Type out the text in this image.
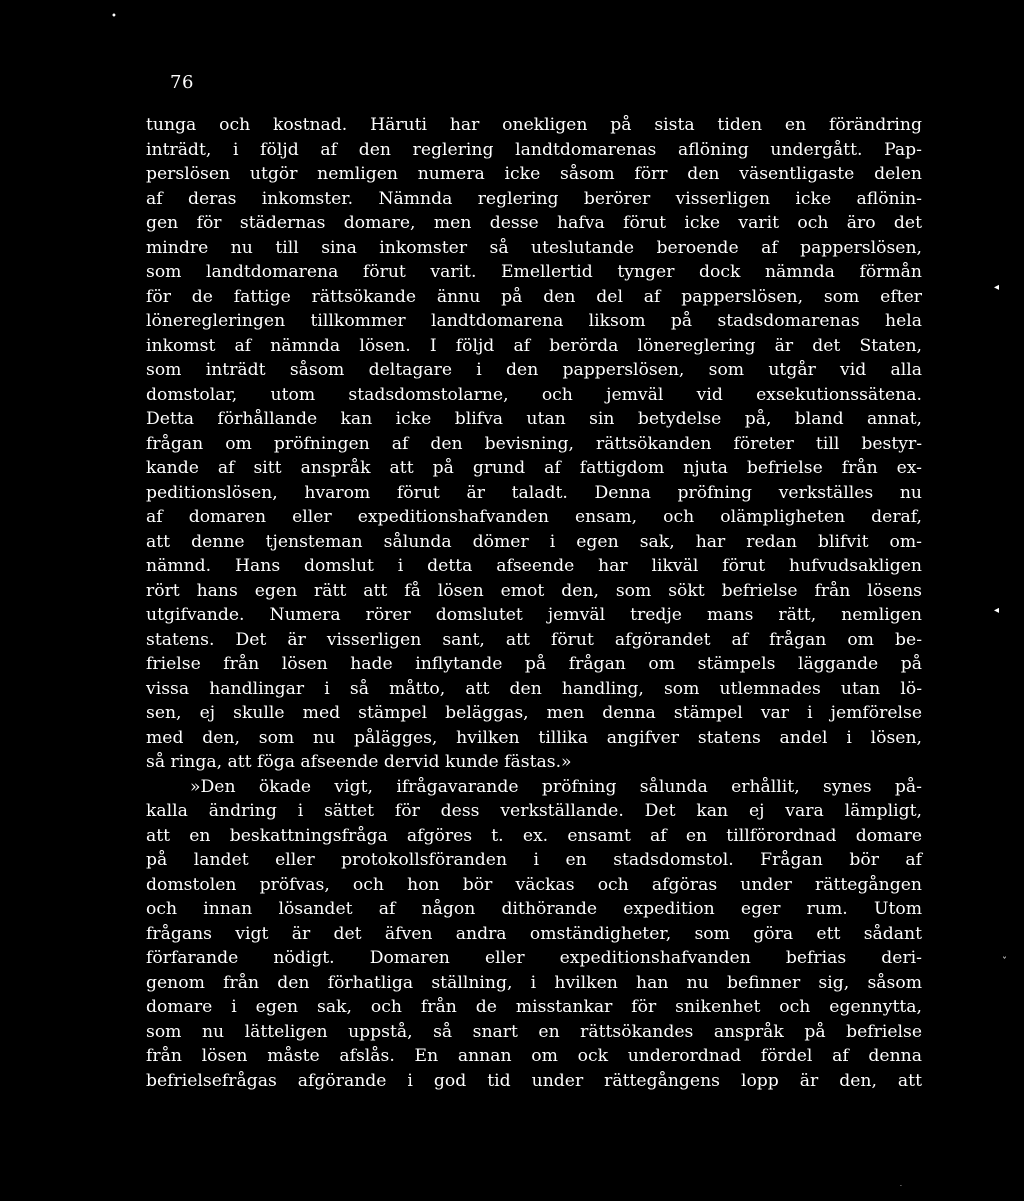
•
76
tunga och kostnad. Häruti har onekligen på sista tiden en förändring
inträdt, i följd af den reglering landtdomarenas aflöning undergått. Pap-
perslösen utgör nemligen numera icke såsom förr den väsentligaste delen
af deras inkomster. Nämnda reglering berörer visserligen icke aflönin-
gen för städernas domare, men desse hafva förut icke varit och äro det
mindre nu till sina inkomster så uteslutande beroende af papperslösen,
som landtdomarena förut varit. Emellertid tynger dock nämnda förmån
för de fattige rättsökande ännu på den del af papperslösen, som efter
löneregleringen tillkommer landtdomarena liksom på stadsdomarenas hela
inkomst af nämnda lösen. I följd af berörda lönereglering är det Staten,
som inträdt såsom deltagare i den papperslösen, som utgår vid alla
domstolar, utom stadsdomstolarne, och jemväl vid exsekutionssätena.
Detta förhållande kan icke blifva utan sin betydelse på, bland annat,
frågan om pröfningen af den bevisning, rättsökanden företer till bestyr-
kande af sitt anspråk att på grund af fattigdom njuta befrielse från ex-
peditionslösen, hvarom förut är taladt. Denna pröfning verkställes nu
af domaren eller expeditionshafvanden ensam, och olämpligheten deraf,
att denne tjensteman sålunda dömer i egen sak, har redan blifvit om-
nämnd. Hans domslut i detta afseende har likväl förut hufvudsakligen
rört hans egen rätt att få lösen emot den, som sökt befrielse från lösens
utgifvande. Numera rörer domslutet jemväl tredje mans rätt, nemligen
statens. Det är visserligen sant, att förut afgörandet af frågan om be-
frielse från lösen hade inflytande på frågan om stämpels läggande på
vissa handlingar i så måtto, att den handling, som utlemnades utan lö-
sen, ej skulle med stämpel beläggas, men denna stämpel var i jemförelse
med den, som nu pålägges, hvilken tillika angifver statens andel i lösen,
så ringa, att föga afseende dervid kunde fästas.»
»Den ökade vigt, ifrågavarande pröfning sålunda erhållit, synes på-
kalla ändring i sättet för dess verkställande. Det kan ej vara lämpligt,
att en beskattningsfråga afgöres t. ex. ensamt af en tillförordnad domare
på landet eller protokollsföranden i en stadsdomstol. Frågan bör af
domstolen pröfvas, och hon bör väckas och afgöras under rättegången
och innan lösandet af någon dithörande expedition eger rum. Utom
frågans vigt är det äfven andra omständigheter, som göra ett sådant
förfarande nödigt. Domaren eller expeditionshafvanden befrias deri-
genom från den förhatliga ställning, i hvilken han nu befinner sig, såsom
domare i egen sak, och från de misstankar för snikenhet och egennytta,
som nu lätteligen uppstå, så snart en rättsökandes anspråk på befrielse
från lösen måste afslås. En annan om ock underordnad fördel af denna
befrielsefrågas afgörande i god tid under rättegångens lopp är den, att
◂
◂
ˇ
·
